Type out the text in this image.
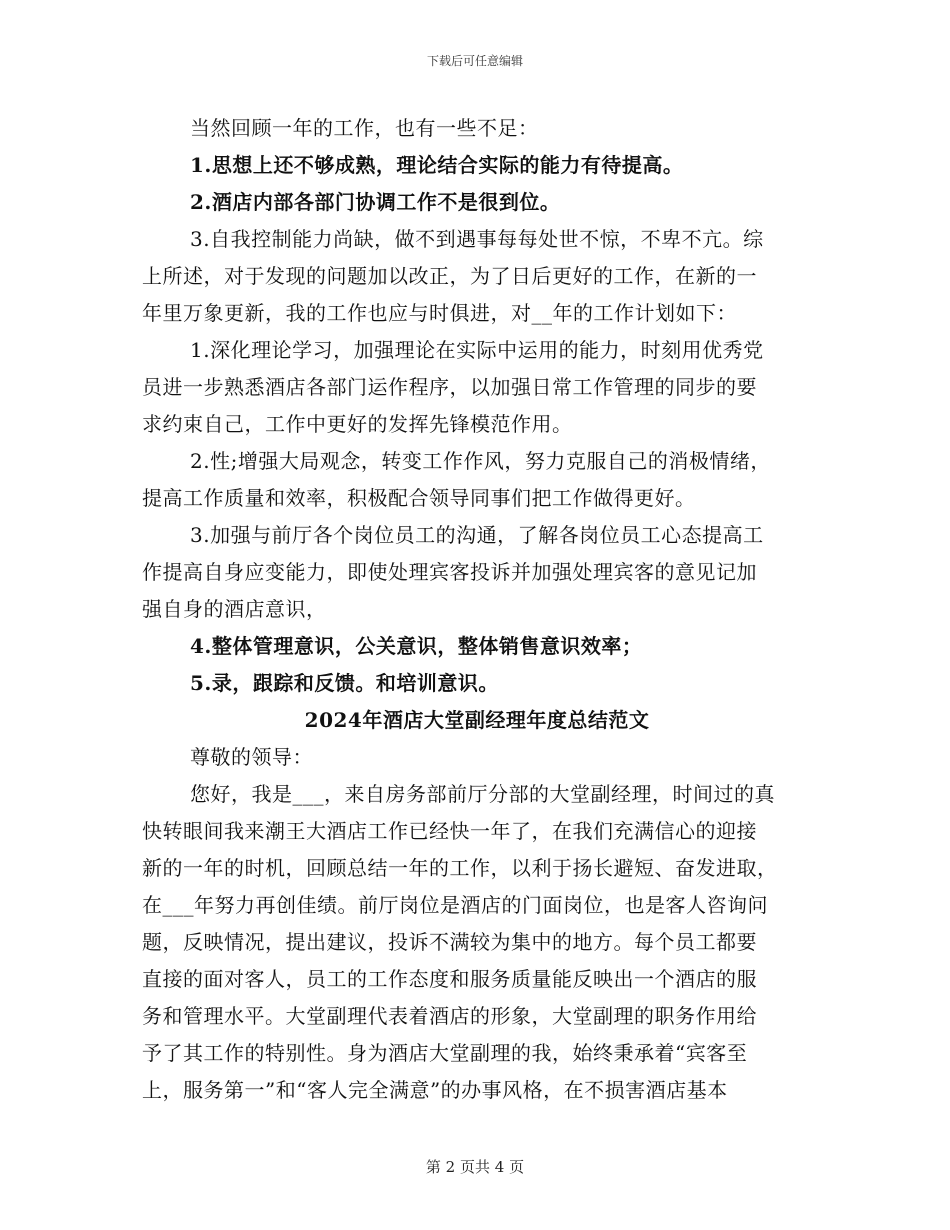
下载后可任意编辑
当然回顾一年的工作，也有一些不足：
1.思想上还不够成熟，理论结合实际的能力有待提高。
2.酒店内部各部门协调工作不是很到位。
3.自我控制能力尚缺，做不到遇事每每处世不惊，不卑不亢。综
上所述，对于发现的问题加以改正，为了日后更好的工作，在新的一
年里万象更新，我的工作也应与时俱进，对__年的工作计划如下：
1.深化理论学习，加强理论在实际中运用的能力，时刻用优秀党
员进一步熟悉酒店各部门运作程序，以加强日常工作管理的同步的要
求约束自己，工作中更好的发挥先锋模范作用。
2.性;增强大局观念，转变工作作风，努力克服自己的消极情绪，
提高工作质量和效率，积极配合领导同事们把工作做得更好。
3.加强与前厅各个岗位员工的沟通，了解各岗位员工心态提高工
作提高自身应变能力，即使处理宾客投诉并加强处理宾客的意见记加
强自身的酒店意识，
4.整体管理意识，公关意识，整体销售意识效率；
5.录，跟踪和反馈。和培训意识。
2024年酒店大堂副经理年度总结范文
尊敬的领导：
您好，我是___，来自房务部前厅分部的大堂副经理，时间过的真
快转眼间我来潮王大酒店工作已经快一年了，在我们充满信心的迎接
新的一年的时机，回顾总结一年的工作，以利于扬长避短、奋发进取，
在___年努力再创佳绩。前厅岗位是酒店的门面岗位，也是客人咨询问
题，反映情况，提出建议，投诉不满较为集中的地方。每个员工都要
直接的面对客人，员工的工作态度和服务质量能反映出一个酒店的服
务和管理水平。大堂副理代表着酒店的形象，大堂副理的职务作用给
予了其工作的特别性。身为酒店大堂副理的我，始终秉承着“宾客至
上，服务第一”和“客人完全满意”的办事风格，在不损害酒店基本
第 2 页共 4 页
